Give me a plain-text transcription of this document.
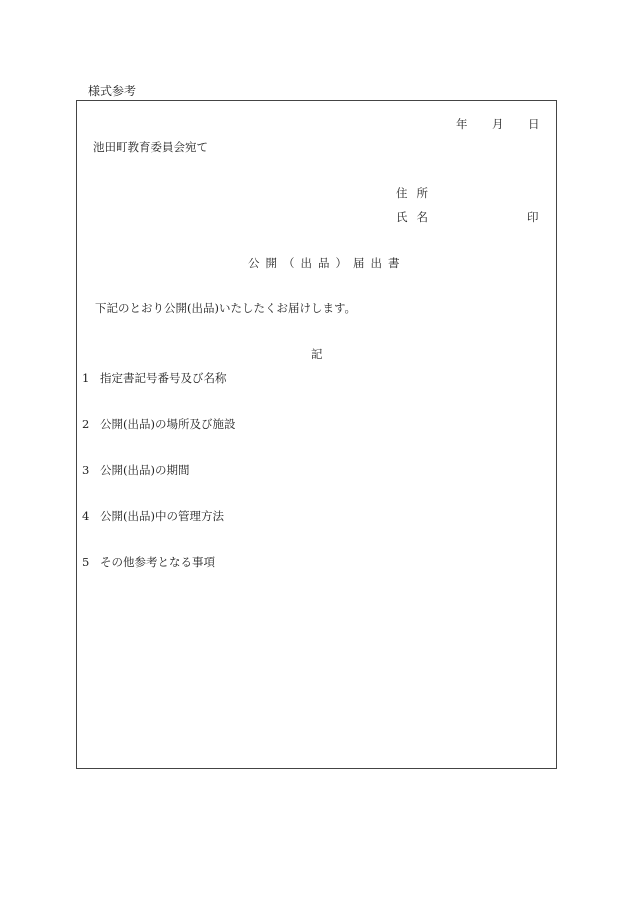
様式参考
年 月 日
池田町教育委員会宛て
住所
氏名	印
公開（出品）届出書
下記のとおり公開(出品)いたしたくお届けします。
記
1 指定書記号番号及び名称
2 公開(出品)の場所及び施設
3 公開(出品)の期間
4 公開(出品)中の管理方法
5 その他参考となる事項
